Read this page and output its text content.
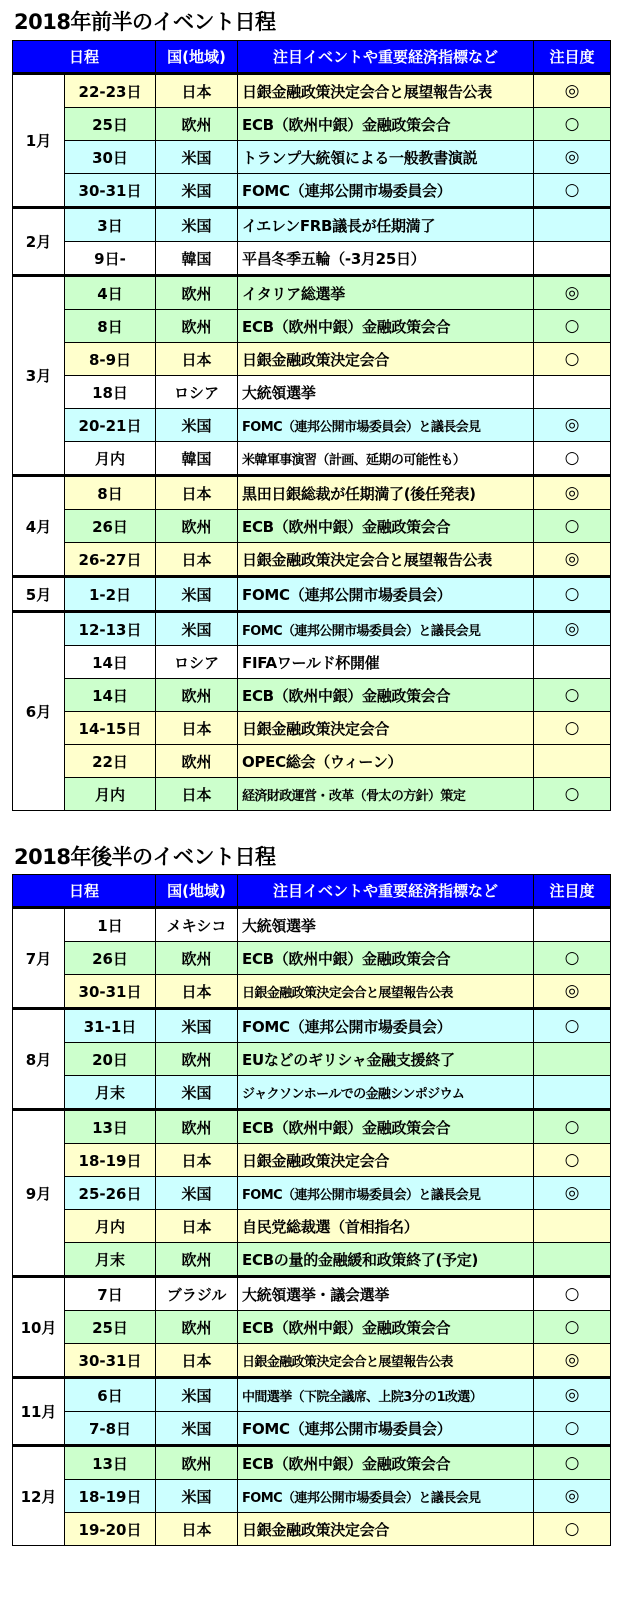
2018年前半のイベント日程
日程		国(地域)	注目イベントや重要経済指標など	注目度
1月	22-23日	日本	日銀金融政策決定会合と展望報告公表	◎
	25日	欧州	ECB（欧州中銀）金融政策会合	○
	30日	米国	トランプ大統領による一般教書演説	◎
	30-31日	米国	FOMC（連邦公開市場委員会）	○
2月	3日	米国	イエレンFRB議長が任期満了	
	9日-	韓国	平昌冬季五輪（-3月25日）	
3月	4日	欧州	イタリア総選挙	◎
	8日	欧州	ECB（欧州中銀）金融政策会合	○
	8-9日	日本	日銀金融政策決定会合	○
	18日	ロシア	大統領選挙	
	20-21日	米国	FOMC（連邦公開市場委員会）と議長会見	◎
	月内	韓国	米韓軍事演習（計画、延期の可能性も）	○
4月	8日	日本	黒田日銀総裁が任期満了(後任発表)	◎
	26日	欧州	ECB（欧州中銀）金融政策会合	○
	26-27日	日本	日銀金融政策決定会合と展望報告公表	◎
5月	1-2日	米国	FOMC（連邦公開市場委員会）	○
6月	12-13日	米国	FOMC（連邦公開市場委員会）と議長会見	◎
	14日	ロシア	FIFAワールド杯開催	
	14日	欧州	ECB（欧州中銀）金融政策会合	○
	14-15日	日本	日銀金融政策決定会合	○
	22日	欧州	OPEC総会（ウィーン）	
	月内	日本	経済財政運営・改革（骨太の方針）策定	○
2018年後半のイベント日程
日程		国(地域)	注目イベントや重要経済指標など	注目度
7月	1日	メキシコ	大統領選挙	
	26日	欧州	ECB（欧州中銀）金融政策会合	○
	30-31日	日本	日銀金融政策決定会合と展望報告公表	◎
8月	31-1日	米国	FOMC（連邦公開市場委員会）	○
	20日	欧州	EUなどのギリシャ金融支援終了	
	月末	米国	ジャクソンホールでの金融シンポジウム	
9月	13日	欧州	ECB（欧州中銀）金融政策会合	○
	18-19日	日本	日銀金融政策決定会合	○
	25-26日	米国	FOMC（連邦公開市場委員会）と議長会見	◎
	月内	日本	自民党総裁選（首相指名）	
	月末	欧州	ECBの量的金融緩和政策終了(予定)	
10月	7日	ブラジル	大統領選挙・議会選挙	○
	25日	欧州	ECB（欧州中銀）金融政策会合	○
	30-31日	日本	日銀金融政策決定会合と展望報告公表	◎
11月	6日	米国	中間選挙（下院全議席、上院3分の1改選）	◎
	7-8日	米国	FOMC（連邦公開市場委員会）	○
12月	13日	欧州	ECB（欧州中銀）金融政策会合	○
	18-19日	米国	FOMC（連邦公開市場委員会）と議長会見	◎
	19-20日	日本	日銀金融政策決定会合	○
